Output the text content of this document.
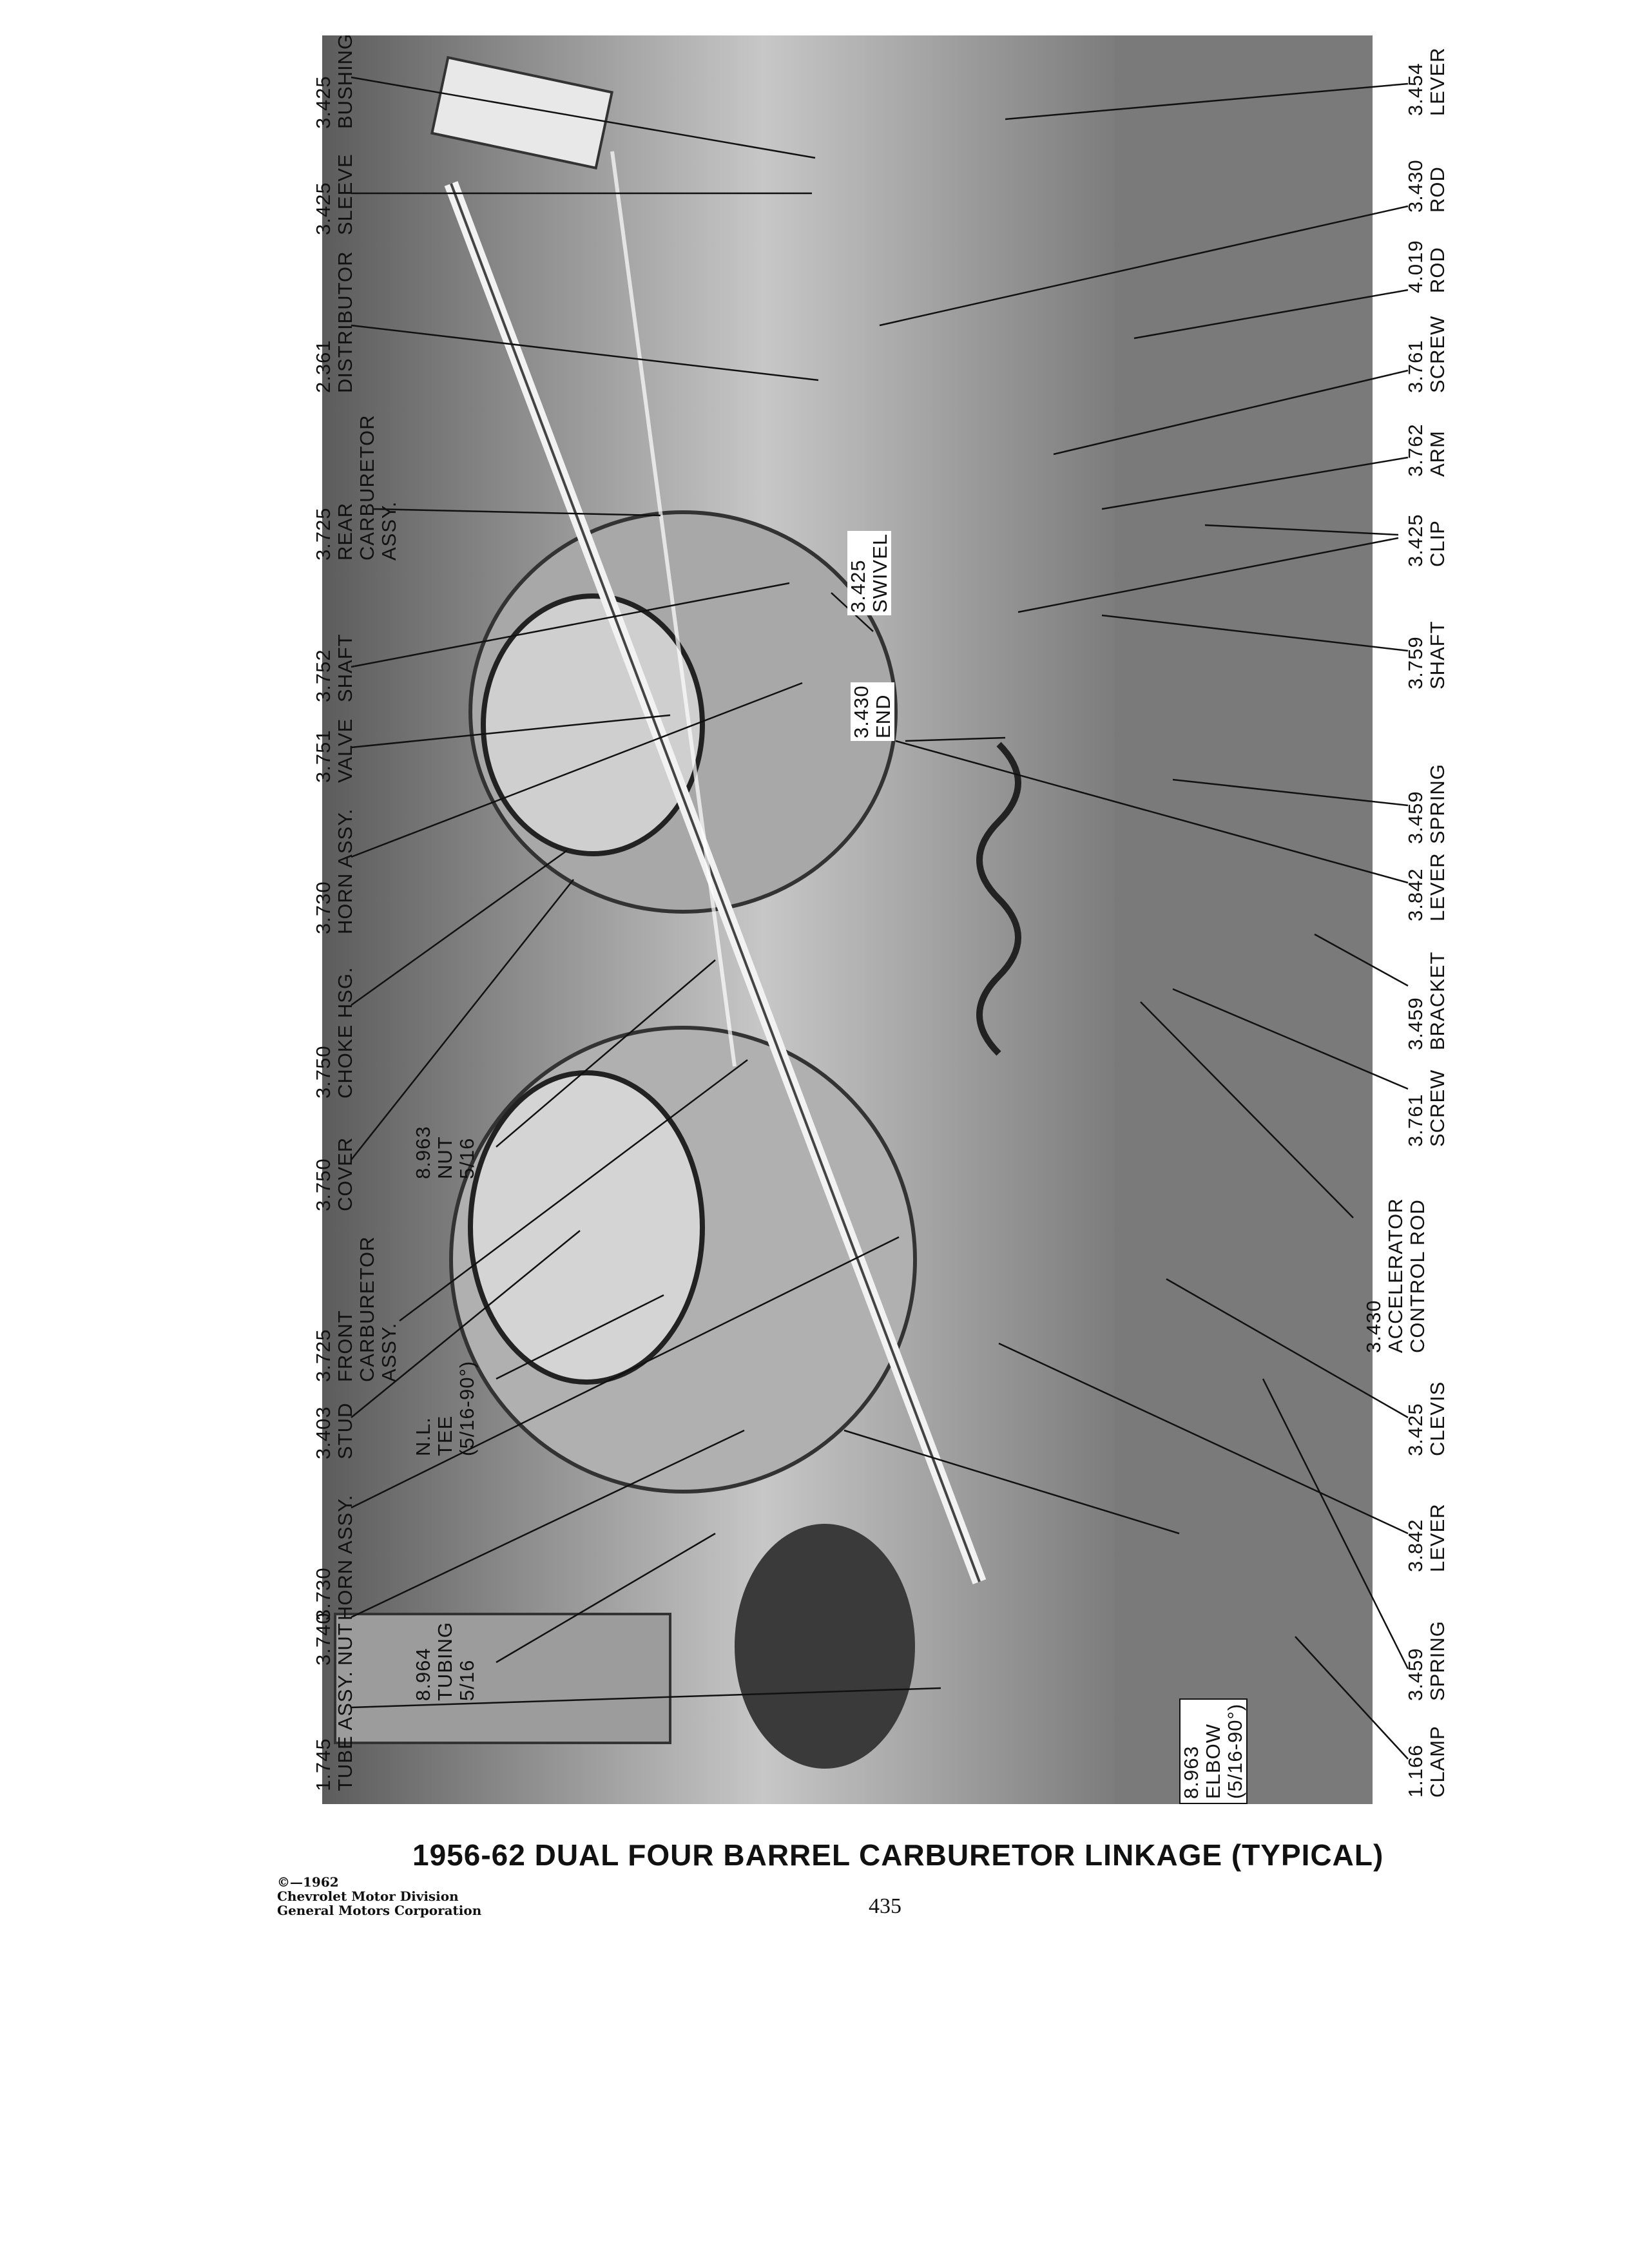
3.425 BUSHING
3.425 SLEEVE
2.361 DISTRIBUTOR
3.725 REAR CARBURETOR ASSY.
3.752 SHAFT
3.751 VALVE
3.730 HORN ASSY.
3.750 CHOKE HSG.
3.750 COVER
3.725 FRONT CARBURETOR ASSY.
3.403 STUD
3.730 HORN ASSY.
3.740 NUT
1.745 TUBE ASSY.
8.963 NUT 5/16
N.L. TEE (5/16-90°)
8.964 TUBING 5/16
3.425 SWIVEL
3.430 END
8.963 ELBOW (5/16-90°)
3.454 LEVER
3.430 ROD
4.019 ROD
3.761 SCREW
3.762 ARM
3.425 CLIP
3.759 SHAFT
3.459 SPRING
3.842 LEVER
3.459 BRACKET
3.761 SCREW
3.430 ACCELERATOR CONTROL ROD
3.425 CLEVIS
3.842 LEVER
3.459 SPRING
1.166 CLAMP
1956-62 DUAL FOUR BARREL CARBURETOR LINKAGE (TYPICAL)
©—1962
Chevrolet Motor Division
General Motors Corporation	435
